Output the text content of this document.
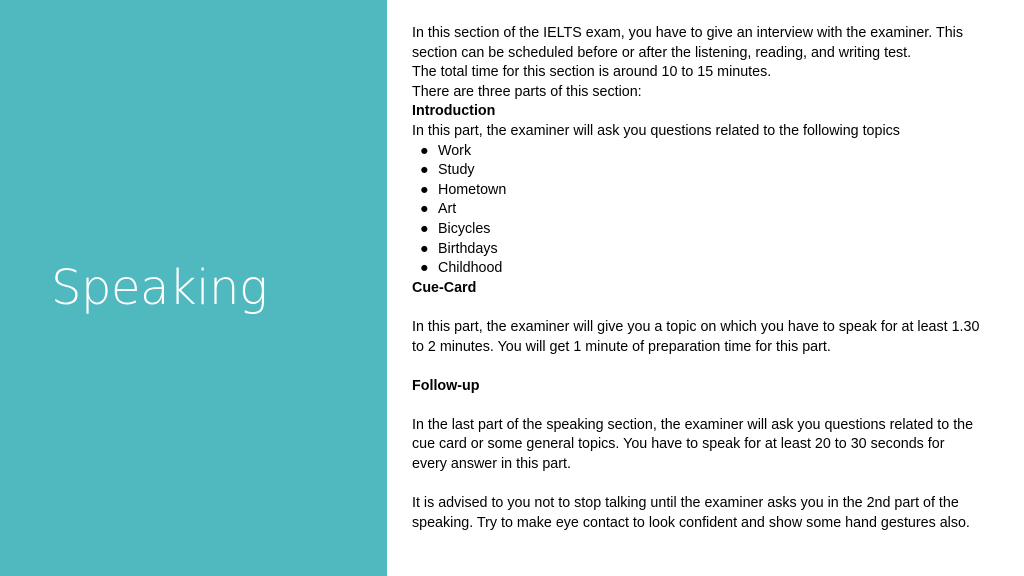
Speaking

In this section of the IELTS exam, you have to give an interview with the examiner. This section can be scheduled before or after the listening, reading, and writing test.

The total time for this section is around 10 to 15 minutes.

There are three parts of this section:

Introduction

In this part, the examiner will ask you questions related to the following topics

● Work
● Study
● Hometown
● Art
● Bicycles
● Birthdays
● Childhood

Cue-Card

In this part, the examiner will give you a topic on which you have to speak for at least 1.30 to 2 minutes. You will get 1 minute of preparation time for this part.

Follow-up

In the last part of the speaking section, the examiner will ask you questions related to the cue card or some general topics. You have to speak for at least 20 to 30 seconds for every answer in this part.

It is advised to you not to stop talking until the examiner asks you in the 2nd part of the speaking. Try to make eye contact to look confident and show some hand gestures also.
